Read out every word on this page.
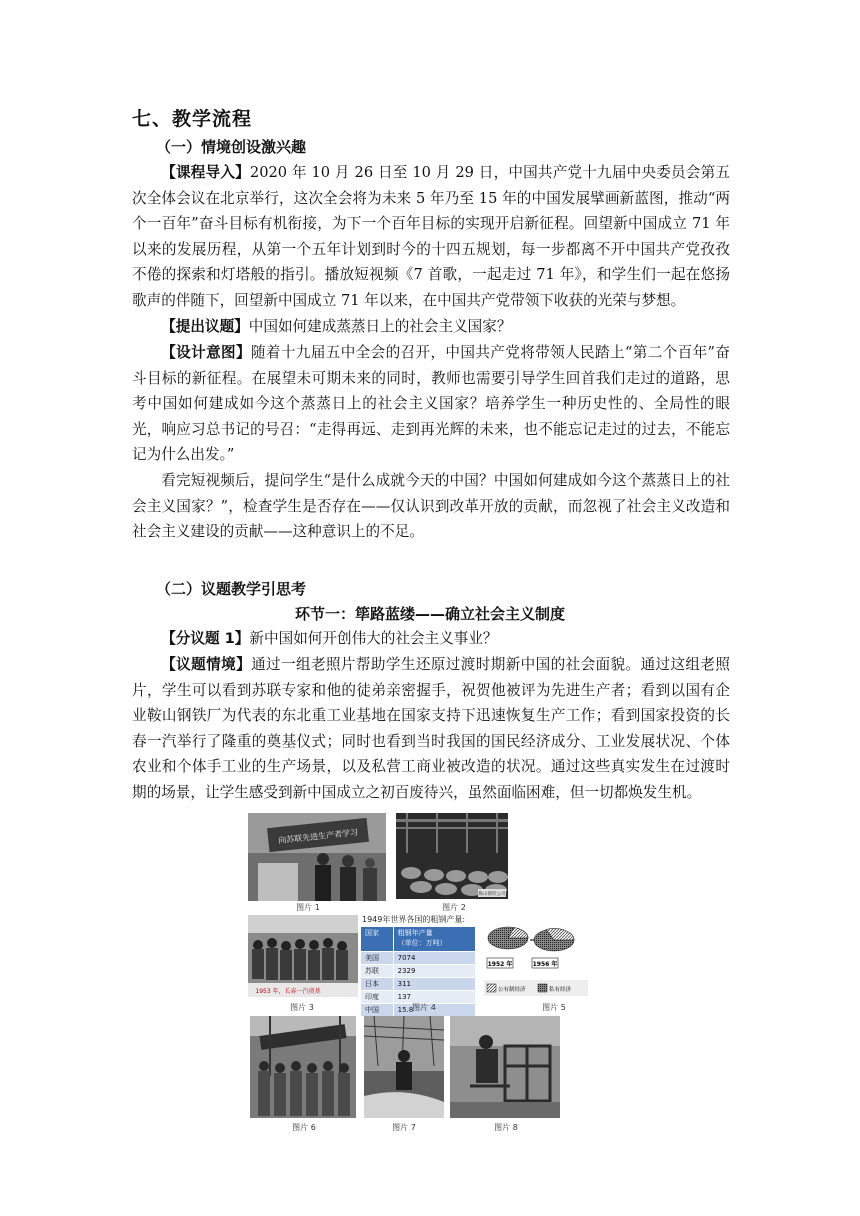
七、教学流程
（一）情境创设激兴趣

【课程导入】2020 年 10 月 26 日至 10 月 29 日，中国共产党十九届中央委员会第五次全体会议在北京举行，这次全会将为未来 5 年乃至 15 年的中国发展擘画新蓝图，推动“两个一百年”奋斗目标有机衔接，为下一个百年目标的实现开启新征程。回望新中国成立 71 年以来的发展历程，从第一个五年计划到时今的十四五规划，每一步都离不开中国共产党孜孜不倦的探索和灯塔般的指引。播放短视频《7 首歌，一起走过 71 年》，和学生们一起在悠扬歌声的伴随下，回望新中国成立 71 年以来，在中国共产党带领下收获的光荣与梦想。

【提出议题】中国如何建成蒸蒸日上的社会主义国家？

【设计意图】随着十九届五中全会的召开，中国共产党将带领人民踏上“第二个百年”奋斗目标的新征程。在展望未可期未来的同时，教师也需要引导学生回首我们走过的道路，思考中国如何建成如今这个蒸蒸日上的社会主义国家？培养学生一种历史性的、全局性的眼光，响应习总书记的号召：“走得再远、走到再光辉的未来，也不能忘记走过的过去，不能忘记为什么出发。”

看完短视频后，提问学生“是什么成就今天的中国？中国如何建成如今这个蒸蒸日上的社会主义国家？”，检查学生是否存在——仅认识到改革开放的贡献，而忽视了社会主义改造和社会主义建设的贡献——这种意识上的不足。

（二）议题教学引思考
环节一：筚路蓝缕——确立社会主义制度

【分议题 1】新中国如何开创伟大的社会主义事业？

【议题情境】通过一组老照片帮助学生还原过渡时期新中国的社会面貌。通过这组老照片，学生可以看到苏联专家和他的徒弟亲密握手，祝贺他被评为先进生产者；看到以国有企业鞍山钢铁厂为代表的东北重工业基地在国家支持下迅速恢复生产工作；看到国家投资的长春一汽举行了隆重的奠基仪式；同时也看到当时我国的国民经济成分、工业发展状况、个体农业和个体手工业的生产场景，以及私营工商业被改造的状况。通过这些真实发生在过渡时期的场景，让学生感受到新中国成立之初百废待兴，虽然面临困难，但一切都焕发生机。

向苏联先进生产者学习
图片 1
鞍山钢铁公司
图片 2
1953 年，长春一汽奠基
图片 3
1949年世界各国的粗钢产量:
国家	粗钢年产量
（单位：万吨）
美国	7074
苏联	2329
日本	311
印度	137
中国	15.8
图片 4
1952 年	1956 年
公有制经济	私有经济
图片 5
图片 6	图片 7	图片 8
